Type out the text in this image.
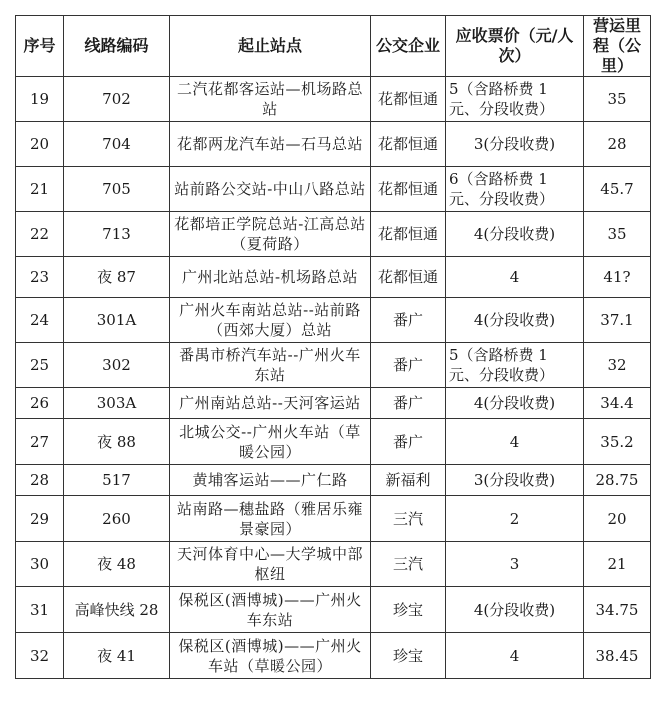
序号	线路编码	起止站点	公交企业	应收票价（元/人次）	营运里程（公里）
19	702	二汽花都客运站—机场路总站	花都恒通	5（含路桥费 1 元、分段收费）	35
20	704	花都两龙汽车站—石马总站	花都恒通	3(分段收费)	28
21	705	站前路公交站-中山八路总站	花都恒通	6（含路桥费 1 元、分段收费）	45.7
22	713	花都培正学院总站-江高总站（夏荷路）	花都恒通	4(分段收费)	35
23	夜 87	广州北站总站-机场路总站	花都恒通	4	41?
24	301A	广州火车南站总站--站前路（西郊大厦）总站	番广	4(分段收费)	37.1
25	302	番禺市桥汽车站--广州火车东站	番广	5（含路桥费 1 元、分段收费）	32
26	303A	广州南站总站--天河客运站	番广	4(分段收费)	34.4
27	夜 88	北城公交--广州火车站（草暖公园）	番广	4	35.2
28	517	黄埔客运站——广仁路	新福利	3(分段收费)	28.75
29	260	站南路—穗盐路（雅居乐雍景豪园）	三汽	2	20
30	夜 48	天河体育中心—大学城中部枢纽	三汽	3	21
31	高峰快线 28	保税区(酒博城)——广州火车东站	珍宝	4(分段收费)	34.75
32	夜 41	保税区(酒博城)——广州火车站（草暖公园）	珍宝	4	38.45
